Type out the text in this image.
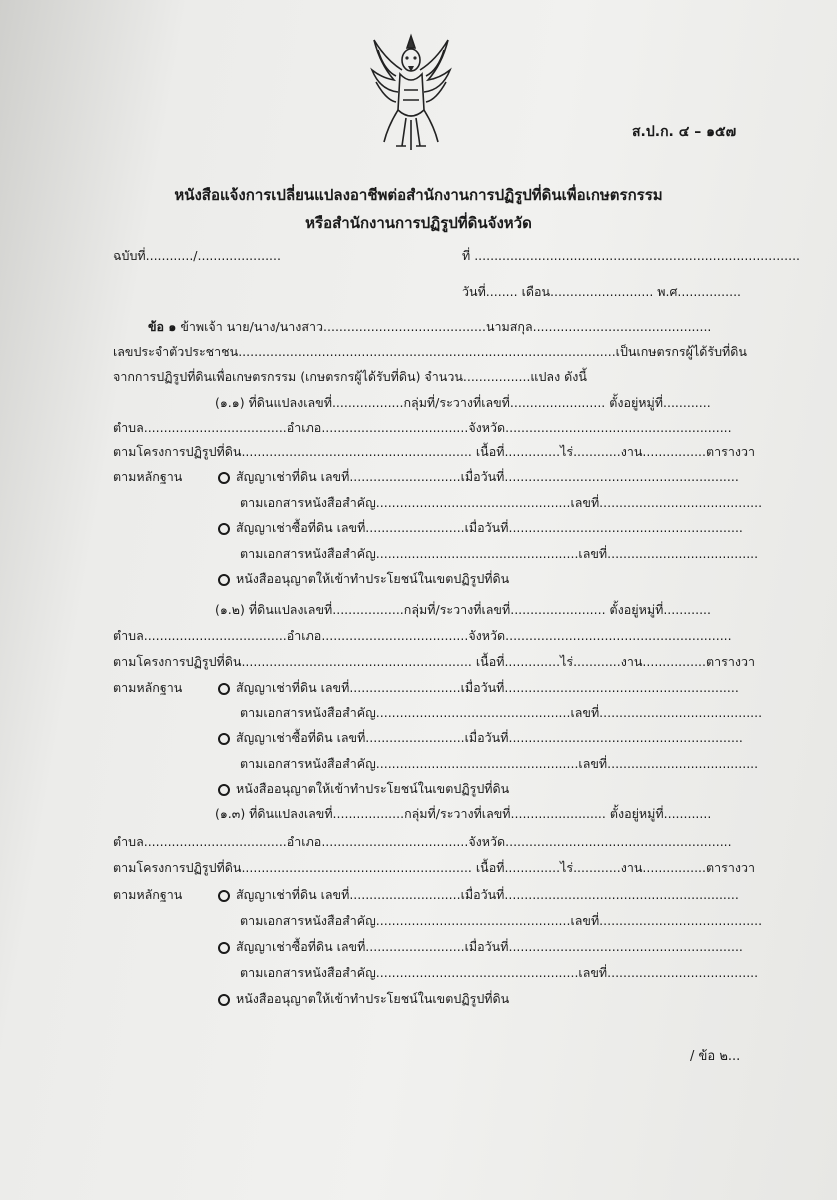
ส.ป.ก. ๔ – ๑๕๗
หนังสือแจ้งการเปลี่ยนแปลงอาชีพต่อสำนักงานการปฏิรูปที่ดินเพื่อเกษตรกรรม
หรือสำนักงานการปฏิรูปที่ดินจังหวัด
ฉบับที่............/.....................	ที่ ..................................................................................
วันที่........ เดือน.......................... พ.ศ................
ข้อ ๑ ข้าพเจ้า นาย/นาง/นางสาว.........................................นามสกุล.............................................
เลขประจำตัวประชาชน...............................................................................................เป็นเกษตรกรผู้ได้รับที่ดิน
จากการปฏิรูปที่ดินเพื่อเกษตรกรรม (เกษตรกรผู้ได้รับที่ดิน) จำนวน.................แปลง ดังนี้
(๑.๑) ที่ดินแปลงเลขที่..................กลุ่มที่/ระวางที่เลขที่........................ ตั้งอยู่หมู่ที่............
ตำบล....................................อำเภอ.....................................จังหวัด.........................................................
ตามโครงการปฏิรูปที่ดิน.......................................................... เนื้อที่..............ไร่............งาน................ตารางวา
ตามหลักฐาน	สัญญาเช่าที่ดิน เลขที่............................เมื่อวันที่...........................................................
ตามเอกสารหนังสือสำคัญ.................................................เลขที่.........................................
สัญญาเช่าซื้อที่ดิน เลขที่.........................เมื่อวันที่...........................................................
ตามเอกสารหนังสือสำคัญ...................................................เลขที่......................................
หนังสืออนุญาตให้เข้าทำประโยชน์ในเขตปฏิรูปที่ดิน
(๑.๒) ที่ดินแปลงเลขที่..................กลุ่มที่/ระวางที่เลขที่........................ ตั้งอยู่หมู่ที่............
ตำบล....................................อำเภอ.....................................จังหวัด.........................................................
ตามโครงการปฏิรูปที่ดิน.......................................................... เนื้อที่..............ไร่............งาน................ตารางวา
ตามหลักฐาน	สัญญาเช่าที่ดิน เลขที่............................เมื่อวันที่...........................................................
ตามเอกสารหนังสือสำคัญ.................................................เลขที่.........................................
สัญญาเช่าซื้อที่ดิน เลขที่.........................เมื่อวันที่...........................................................
ตามเอกสารหนังสือสำคัญ...................................................เลขที่......................................
หนังสืออนุญาตให้เข้าทำประโยชน์ในเขตปฏิรูปที่ดิน
(๑.๓) ที่ดินแปลงเลขที่..................กลุ่มที่/ระวางที่เลขที่........................ ตั้งอยู่หมู่ที่............
ตำบล....................................อำเภอ.....................................จังหวัด.........................................................
ตามโครงการปฏิรูปที่ดิน.......................................................... เนื้อที่..............ไร่............งาน................ตารางวา
ตามหลักฐาน	สัญญาเช่าที่ดิน เลขที่............................เมื่อวันที่...........................................................
ตามเอกสารหนังสือสำคัญ.................................................เลขที่.........................................
สัญญาเช่าซื้อที่ดิน เลขที่.........................เมื่อวันที่...........................................................
ตามเอกสารหนังสือสำคัญ...................................................เลขที่......................................
หนังสืออนุญาตให้เข้าทำประโยชน์ในเขตปฏิรูปที่ดิน
/ ข้อ ๒...
